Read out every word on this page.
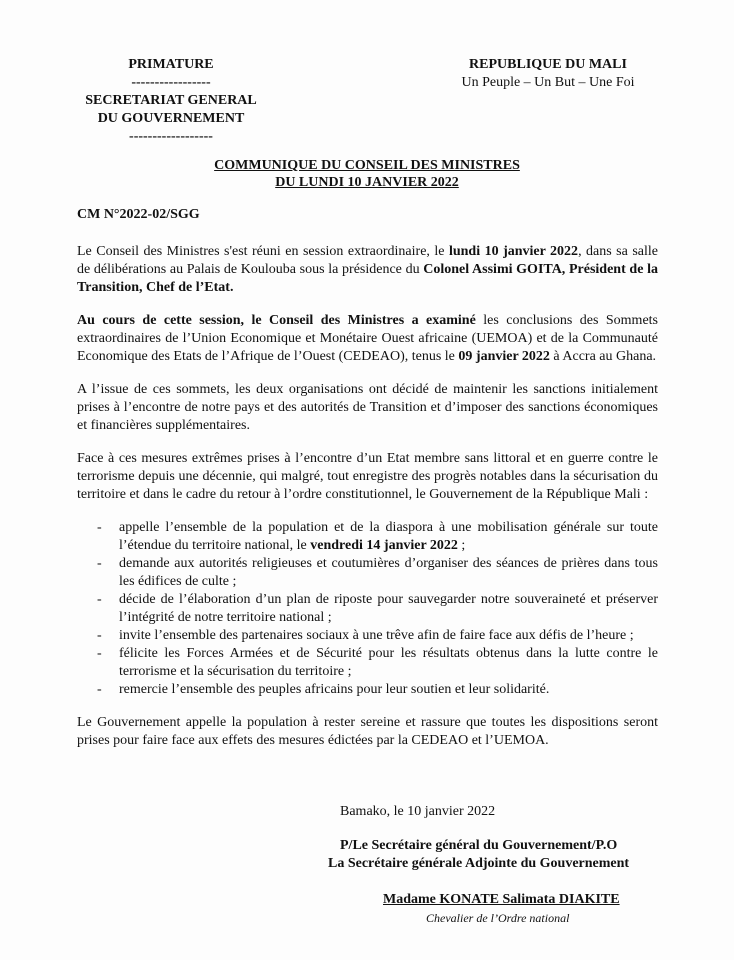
PRIMATURE
-----------------
SECRETARIAT GENERAL
DU GOUVERNEMENT
------------------
REPUBLIQUE DU MALI
Un Peuple – Un But – Une Foi
COMMUNIQUE DU CONSEIL DES MINISTRES
DU LUNDI 10 JANVIER 2022
CM N°2022-02/SGG

Le Conseil des Ministres s'est réuni en session extraordinaire, le lundi 10 janvier 2022, dans sa salle de délibérations au Palais de Koulouba sous la présidence du Colonel Assimi GOITA, Président de la Transition, Chef de l’Etat.

Au cours de cette session, le Conseil des Ministres a examiné les conclusions des Sommets extraordinaires de l’Union Economique et Monétaire Ouest africaine (UEMOA) et de la Communauté Economique des Etats de l’Afrique de l’Ouest (CEDEAO), tenus le 09 janvier 2022 à Accra au Ghana.

A l’issue de ces sommets, les deux organisations ont décidé de maintenir les sanctions initialement prises à l’encontre de notre pays et des autorités de Transition et d’imposer des sanctions économiques et financières supplémentaires.

Face à ces mesures extrêmes prises à l’encontre d’un Etat membre sans littoral et en guerre contre le terrorisme depuis une décennie, qui malgré, tout enregistre des progrès notables dans la sécurisation du territoire et dans le cadre du retour à l’ordre constitutionnel, le Gouvernement de la République Mali :

- appelle l’ensemble de la population et de la diaspora à une mobilisation générale sur toute l’étendue du territoire national, le vendredi 14 janvier 2022 ;
- demande aux autorités religieuses et coutumières d’organiser des séances de prières dans tous les édifices de culte ;
- décide de l’élaboration d’un plan de riposte pour sauvegarder notre souveraineté et préserver l’intégrité de notre territoire national ;
- invite l’ensemble des partenaires sociaux à une trêve afin de faire face aux défis de l’heure ;
- félicite les Forces Armées et de Sécurité pour les résultats obtenus dans la lutte contre le terrorisme et la sécurisation du territoire ;
- remercie l’ensemble des peuples africains pour leur soutien et leur solidarité.

Le Gouvernement appelle la population à rester sereine et rassure que toutes les dispositions seront prises pour faire face aux effets des mesures édictées par la CEDEAO et l’UEMOA.

Bamako, le 10 janvier 2022
P/Le Secrétaire général du Gouvernement/P.O
La Secrétaire générale Adjointe du Gouvernement
Madame KONATE Salimata DIAKITE
Chevalier de l’Ordre national
